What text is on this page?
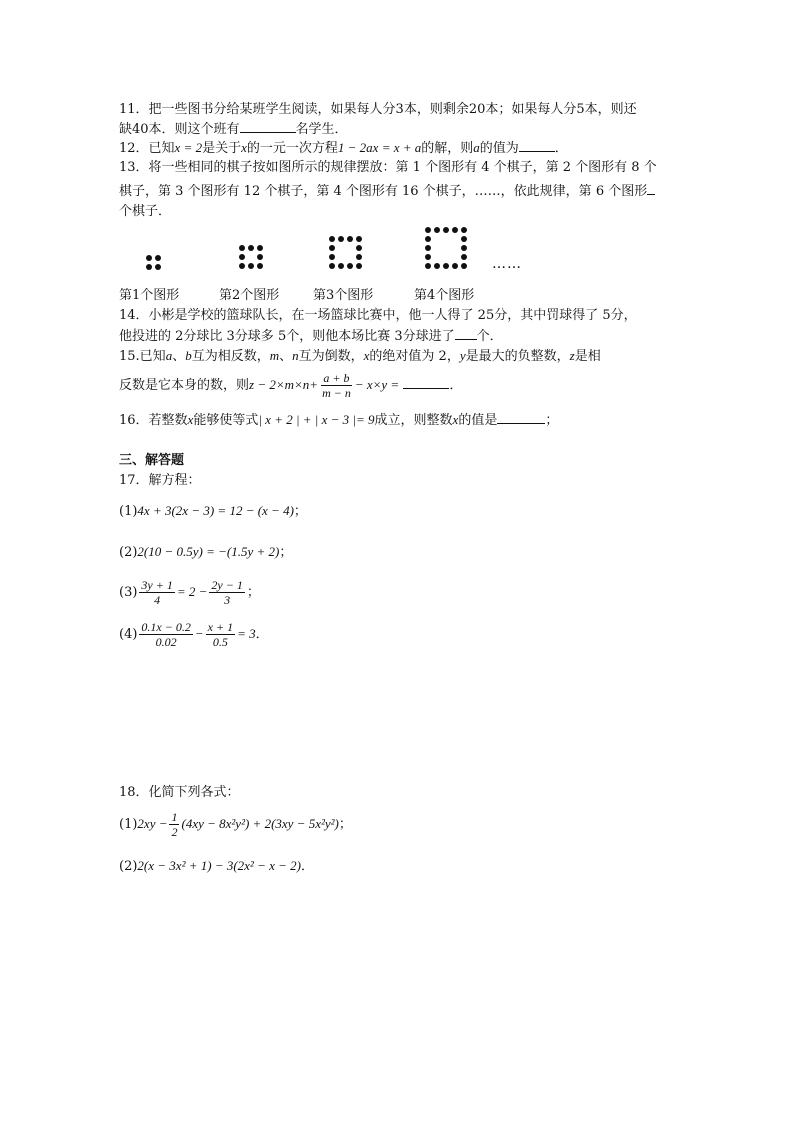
11．把一些图书分给某班学生阅读，如果每人分3本，则剩余20本；如果每人分5本，则还
缺40本．则这个班有	名学生．
12．已知x = 2是关于x的一元一次方程1 − 2ax = x + a的解，则a的值为	．
13．将一些相同的棋子按如图所示的规律摆放：第 1 个图形有 4 个棋子，第 2 个图形有 8 个
棋子，第 3 个图形有 12 个棋子，第 4 个图形有 16 个棋子，……，依此规律，第 6 个图形
个棋子．
……
第1个图形	第2个图形	第3个图形	第4个图形
14．小彬是学校的篮球队长，在一场篮球比赛中，他一人得了 25分，其中罚球得了 5分，
他投进的 2分球比 3分球多 5个，则他本场比赛 3分球进了 个．
15.已知a、b互为相反数，m、n互为倒数，x的绝对值为 2，y是最大的负整数，z是相
反数是它本身的数，则$z - 2\times m\times n+ \frac{a + b}{m - n} - x\times y$ =	．
16．若整数x能够使等式| x + 2 | + | x − 3 |= 9成立，则整数x的值是	；
三、解答题
17．解方程：
(1)4x + 3(2x − 3) = 12 − (x − 4)；
(2)2(10 − 0.5y) = −(1.5y + 2)；
$(3) \frac{3y + 1}{4} = 2 - \frac{2y - 1}{3}$ ；
$(4) \frac{0.1x - 0.2}{0.02} - \frac{x + 1}{0.5} = 3$．
18．化简下列各式：
$(1)2xy - \frac{1}{2} (4xy - 8x^2y^2) + 2(3xy - 5x^2y^2)$；
(2)2(x − 3x² + 1) − 3(2x² − x − 2)．
